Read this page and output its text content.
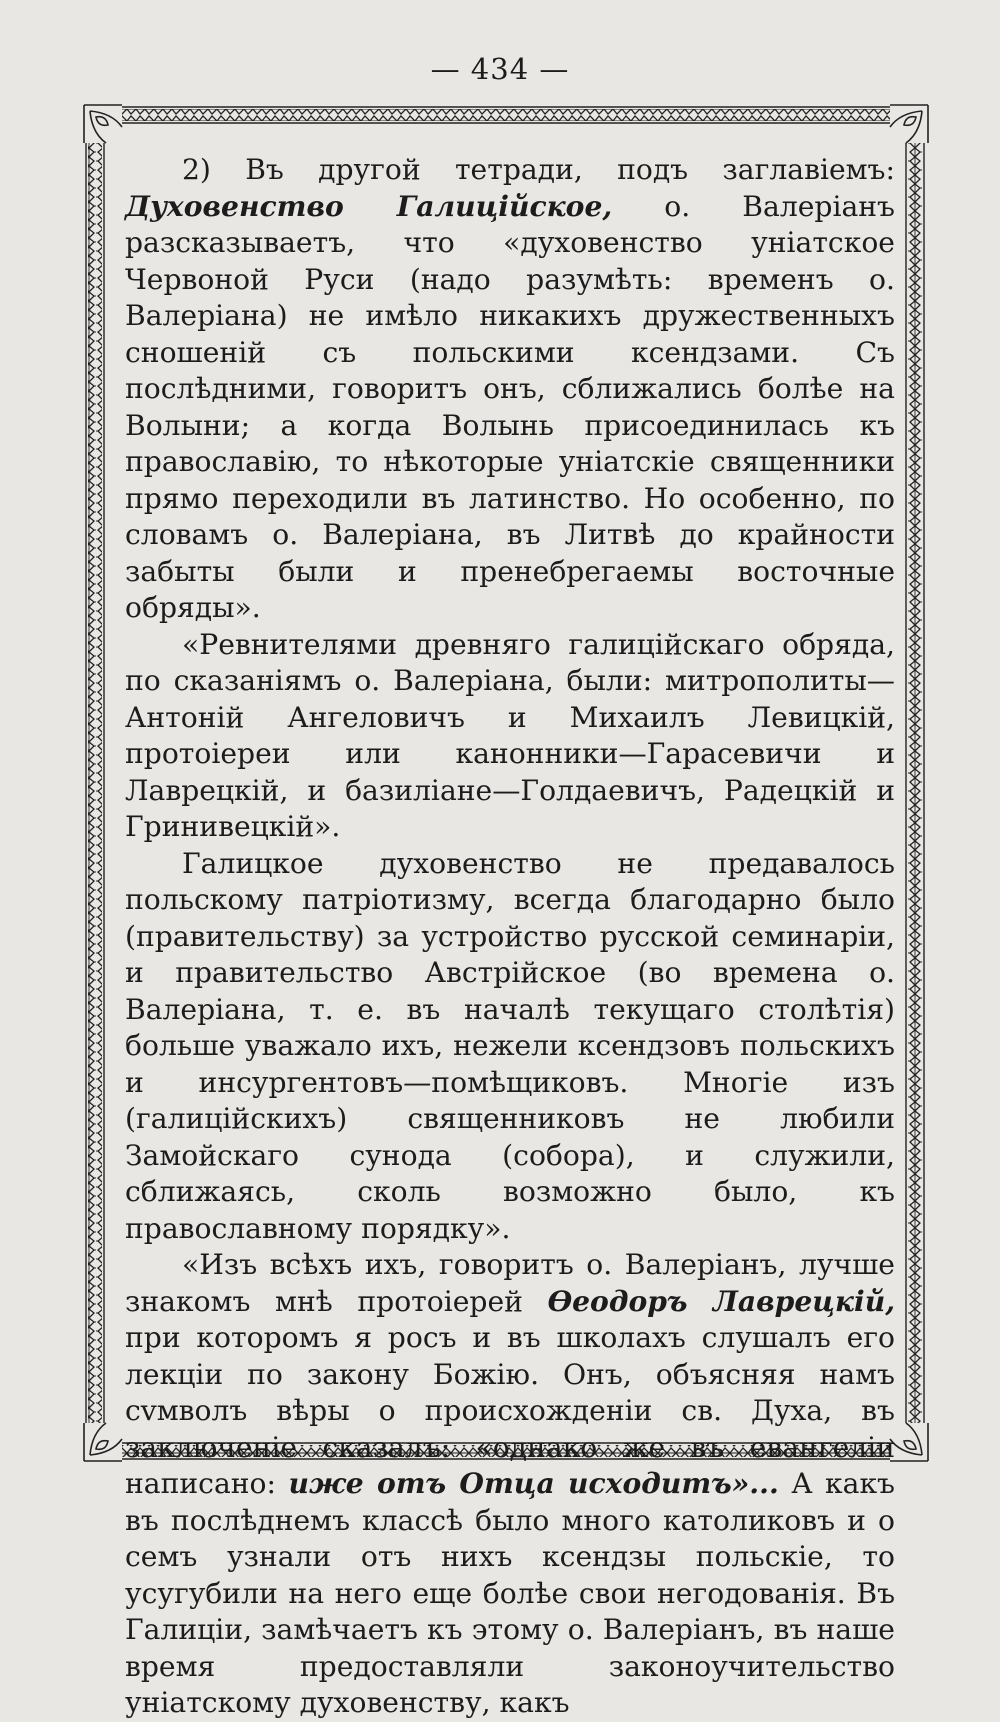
— 434 —

2) Въ другой тетради, подъ заглавіемъ: Духовенство Галиційское, о. Валеріанъ разсказываетъ, что «духовенство уніатское Червоной Руси (надо разумѣть: временъ о. Валеріана) не имѣло никакихъ дружественныхъ сношеній съ польскими ксендзами. Съ послѣдними, говоритъ онъ, сближались болѣе на Волыни; а когда Волынь присоединилась къ православію, то нѣкоторые уніатскіе священники прямо переходили въ латинство. Но особенно, по словамъ о. Валеріана, въ Литвѣ до крайности забыты были и пренебрегаемы восточные обряды».

«Ревнителями древняго галиційскаго обряда, по сказаніямъ о. Валеріана, были: митрополиты—Антоній Ангеловичъ и Михаилъ Левицкій, протоіереи или канонники—Гарасевичи и Лаврецкій, и базиліане—Голдаевичъ, Радецкій и Гринивецкій».

Галицкое духовенство не предавалось польскому патріотизму, всегда благодарно было (правительству) за устройство русской семинаріи, и правительство Австрійское (во времена о. Валеріана, т. е. въ началѣ текущаго столѣтія) больше уважало ихъ, нежели ксендзовъ польскихъ и инсургентовъ—помѣщиковъ. Многіе изъ (галиційскихъ) священниковъ не любили Замойскаго сунода (собора), и служили, сближаясь, сколь возможно было, къ православному порядку».

«Изъ всѣхъ ихъ, говоритъ о. Валеріанъ, лучше знакомъ мнѣ протоіерей Ѳеодоръ Лаврецкій, при которомъ я росъ и въ школахъ слушалъ его лекціи по закону Божію. Онъ, объясняя намъ сvмволъ вѣры о происхожденіи св. Духа, въ заключеніе сказалъ: «однако же въ евангеліи написано: иже отъ Отца исходитъ»... А какъ въ послѣднемъ классѣ было много католиковъ и о семъ узнали отъ нихъ ксендзы польскіе, то усугубили на него еще болѣе свои негодованія. Въ Галиціи, замѣчаетъ къ этому о. Валеріанъ, въ наше время предоставляли законоучительство уніатскому духовенству, какъ
